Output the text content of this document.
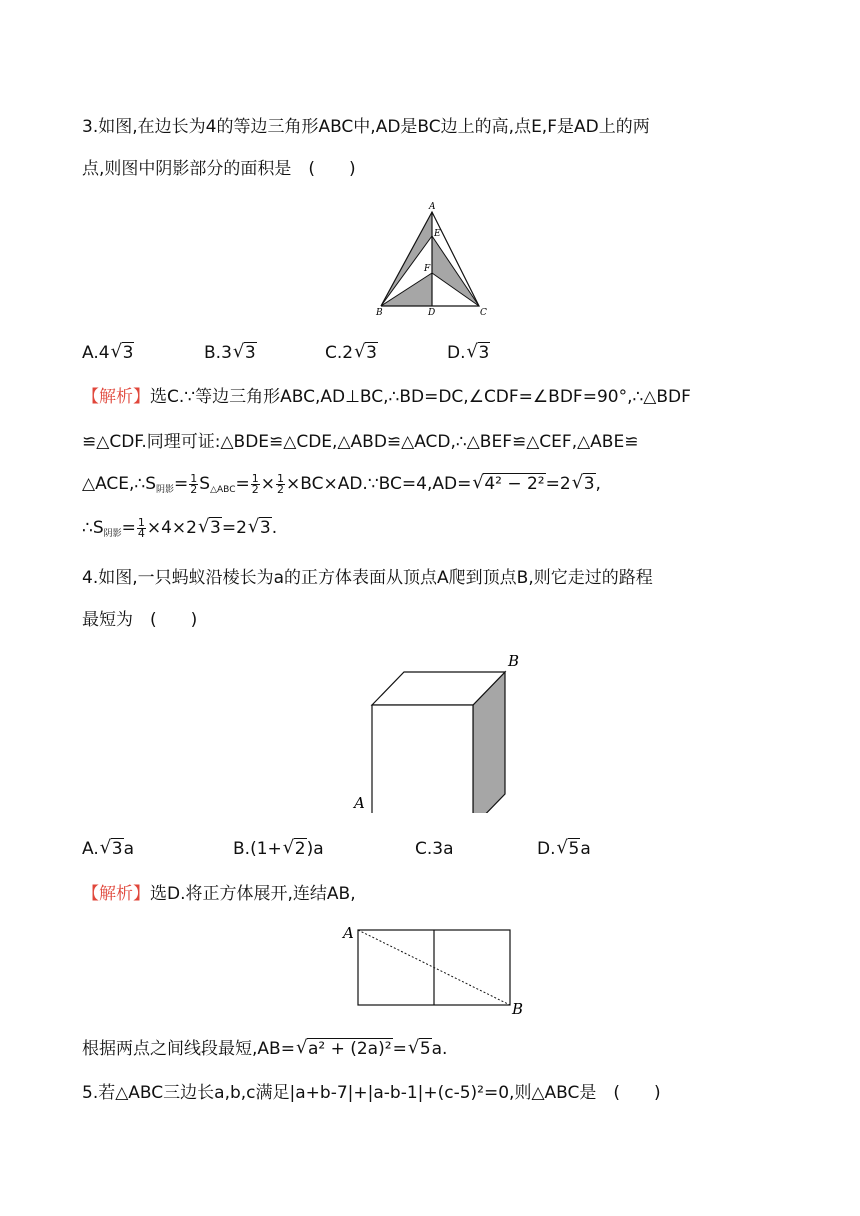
3.如图,在边长为4的等边三角形ABC中,AD是BC边上的高,点E,F是AD上的两
点,则图中阴影部分的面积是　(　　)
A
E
F
B	D	C
A.4√ 3	B.3√ 3	C.2√ 3	D.√ 3
【解析】选C.∵等边三角形ABC,AD⊥BC,∴BD=DC,∠CDF=∠BDF=90°,∴△BDF
≌△CDF.同理可证:△BDE≌△CDE,△ABD≌△ACD,∴△BEF≌△CEF,△ABE≌
$\triangle ACE,\therefore S_{阴影}= \frac{1}{2} S_{\triangle ABC}= \frac{1}{2} \times \frac{1}{2}$ ×BC×AD.∵BC=4,AD=√ 4² − 2²=2√ 3,
$\therefore S_{阴影}= \frac{1}{4} \times 4\times 2√$ 3=2√ 3.
4.如图,一只蚂蚁沿棱长为a的正方体表面从顶点A爬到顶点B,则它走过的路程
最短为　(　　)
B
A
A.√ 3a	B.(1+√ 2)a	C.3a	D.√ 5a
【解析】选D.将正方体展开,连结AB,
A
B
根据两点之间线段最短,AB=√ a² + (2a)²=√ 5a.
5.若△ABC三边长a,b,c满足|a+b-7|+|a-b-1|+(c-5)²=0,则△ABC是　(　　)
